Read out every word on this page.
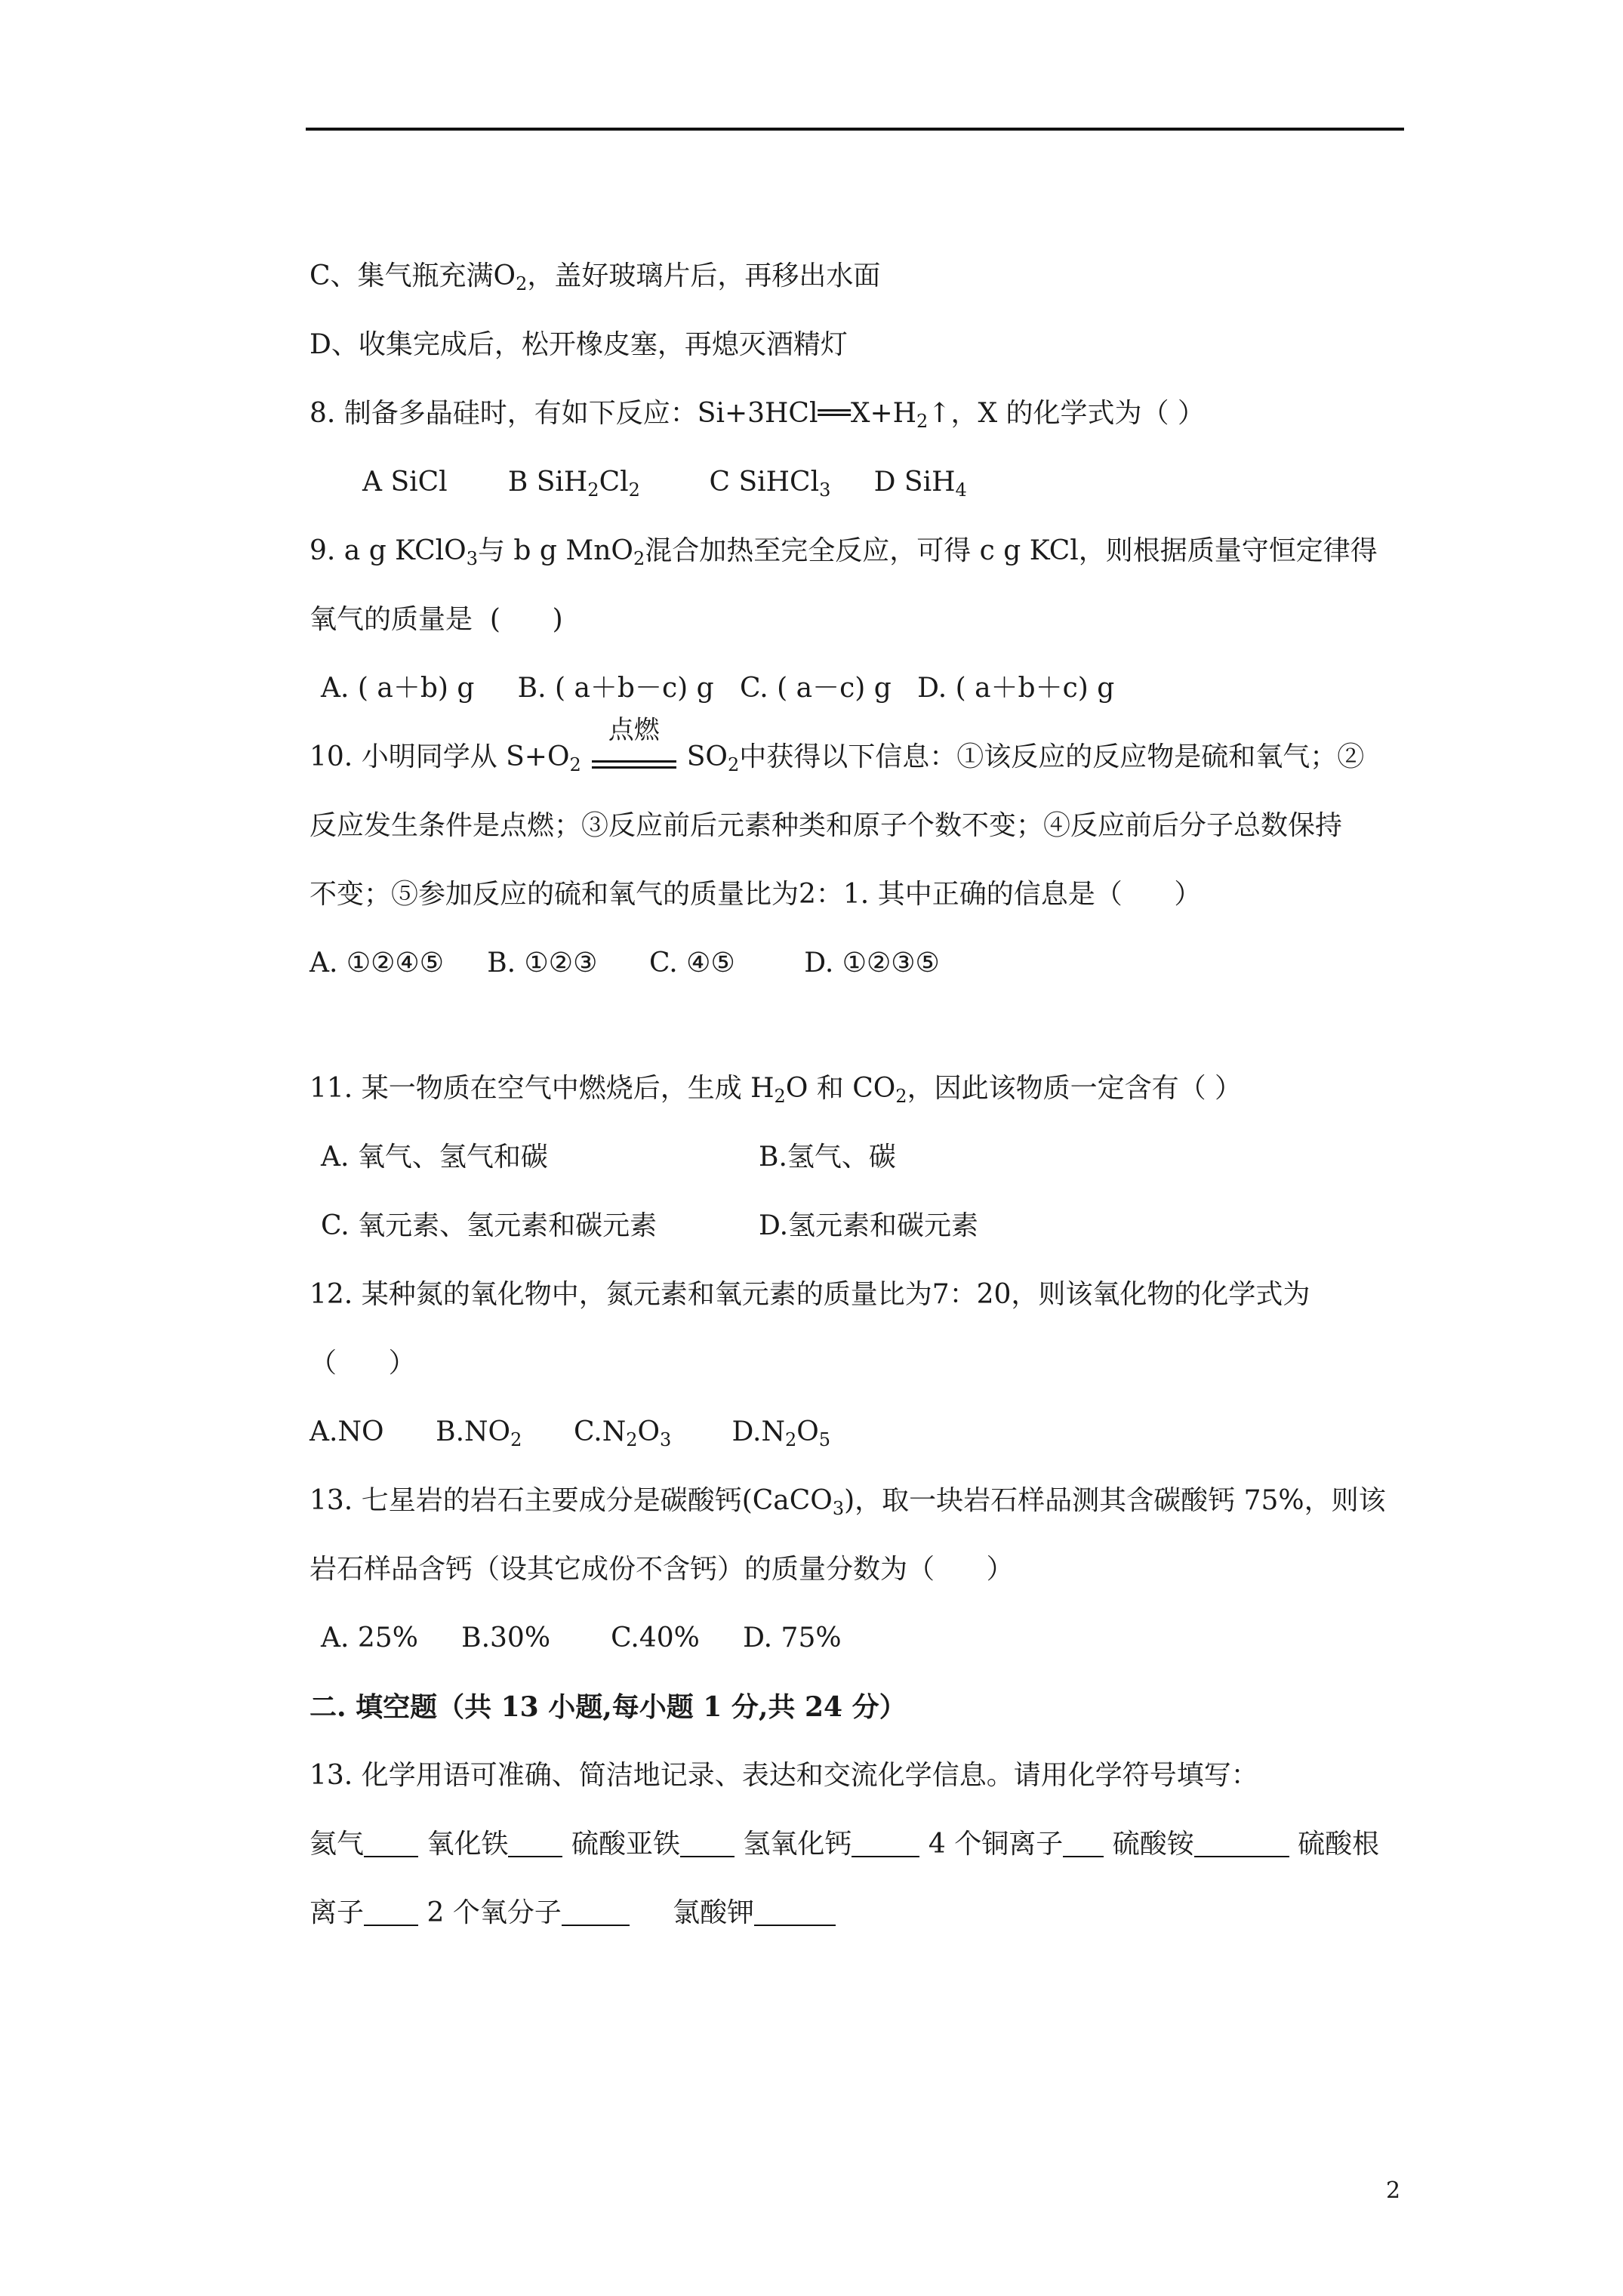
C、集气瓶充满$O_2$，盖好玻璃片后，再移出水面
D、收集完成后，松开橡皮塞，再熄灭酒精灯
8. 制备多晶硅时，有如下反应：$Si+3HCl══X+H_2↑$，X 的化学式为（ ）
A SiCl B $SiH_2Cl_2$	C SiHCl$_3$ D SiH$_4$
9. a g KClO$_3$与 b g MnO$_2$混合加热至完全反应，可得 c g KCl，则根据质量守恒定律得
氧气的质量是  (      )
A. ( a＋b) g     B. ( a＋b－c) g   C. ( a－c) g   D. ( a＋b＋c) g
10. 小明同学从 $S+O_2$
点燃
$SO_2$中获得以下信息：①该反应的反应物是硫和氧气；②
反应发生条件是点燃；③反应前后元素种类和原子个数不变；④反应前后分子总数保持
不变；⑤参加反应的硫和氧气的质量比为2：1. 其中正确的信息是（      ）
A. ①②④⑤     B. ①②③      C. ④⑤        D. ①②③⑤
11. 某一物质在空气中燃烧后，生成 $H_2O$ 和 $CO_2$，因此该物质一定含有（ ）
A. 氧气、氢气和碳	B.氢气、碳
C. 氧元素、氢元素和碳元素	D.氢元素和碳元素
12. 某种氮的氧化物中，氮元素和氧元素的质量比为7：20，则该氧化物的化学式为
（      ）
A.NO $B.NO_2$ $C.N_2O_3$ $D.N_2O_5$
13. 七星岩的岩石主要成分是碳酸钙(CaCO$_3$)，取一块岩石样品测其含碳酸钙 75%，则该
岩石样品含钙（设其它成份不含钙）的质量分数为（      ）
A. 25%     B.30%       C.40%     D. 75%
二. 填空题（共 13 小题,每小题 1 分,共 24 分）
13. 化学用语可准确、简洁地记录、表达和交流化学信息。请用化学符号填写：
氦气 氧化铁 硫酸亚铁 氢氧化钙	4 个铜离子 硫酸铵	硫酸根
离子 2 个氧分子	氯酸钾
2
